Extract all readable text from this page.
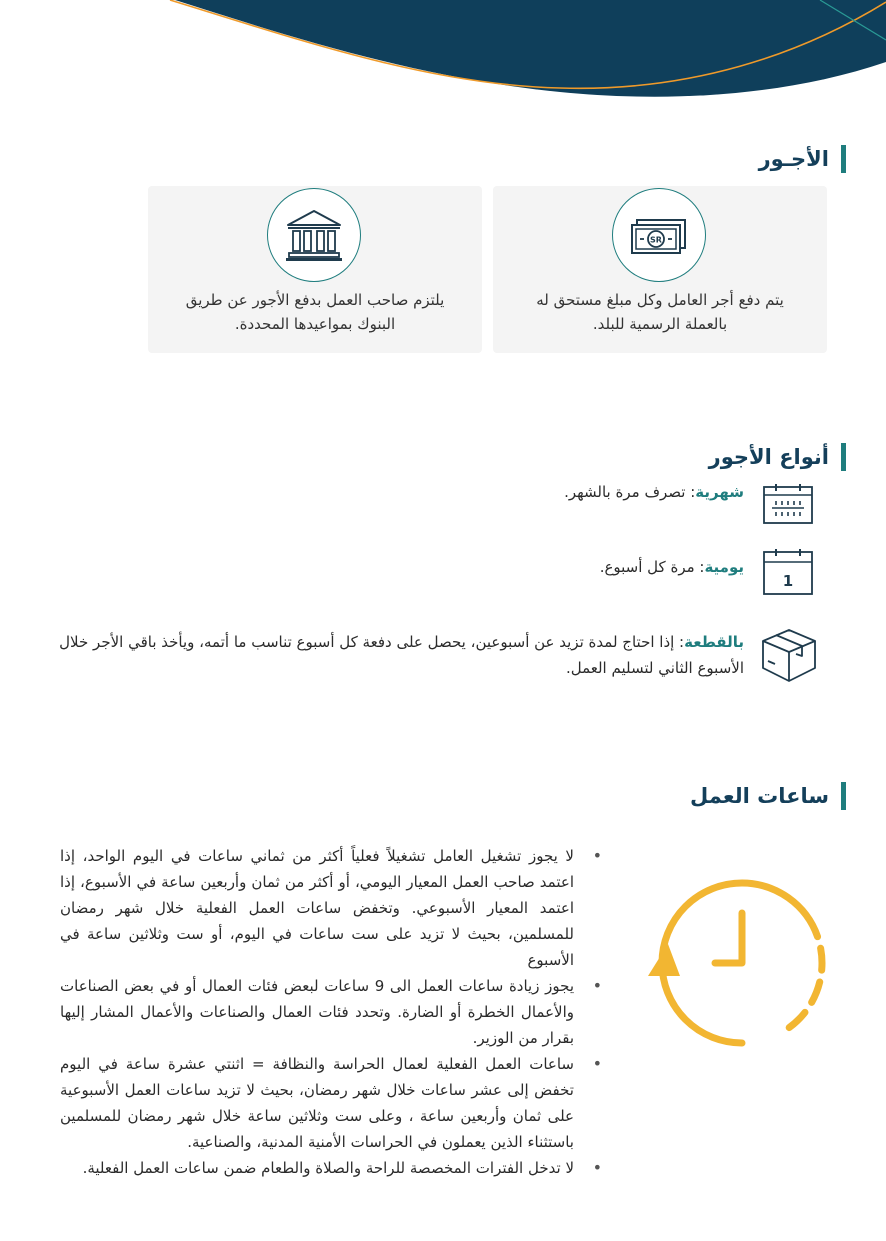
الأجـور
SR
يتم دفع أجر العامل وكل مبلغ مستحق له بالعملة الرسمية للبلد.
يلتزم صاحب العمل بدفع الأجور عن طريق البنوك بمواعيدها المحددة.
أنواع الأجور
شهرية: تصرف مرة بالشهر.
1
يومية: مرة كل أسبوع.
بالقطعة: إذا احتاج لمدة تزيد عن أسبوعين، يحصل على دفعة كل أسبوع تناسب ما أتمه، ويأخذ باقي الأجر خلال الأسبوع الثاني لتسليم العمل.
ساعات العمل
• لا يجوز تشغيل العامل تشغيلاً فعلياً أكثر من ثماني ساعات في اليوم الواحد، إذا اعتمد صاحب العمل المعيار اليومي، أو أكثر من ثمان وأربعين ساعة في الأسبوع، إذا اعتمد المعيار الأسبوعي. وتخفض ساعات العمل الفعلية خلال شهر رمضان للمسلمين، بحيث لا تزيد على ست ساعات في اليوم، أو ست وثلاثين ساعة في الأسبوع
• يجوز زيادة ساعات العمل الى 9 ساعات لبعض فئات العمال أو في بعض الصناعات والأعمال الخطرة أو الضارة. وتحدد فئات العمال والصناعات والأعمال المشار إليها بقرار من الوزير.
• ساعات العمل الفعلية لعمال الحراسة والنظافة = اثنتي عشرة ساعة في اليوم تخفض إلى عشر ساعات خلال شهر رمضان، بحيث لا تزيد ساعات العمل الأسبوعية على ثمان وأربعين ساعة ، وعلى ست وثلاثين ساعة خلال شهر رمضان للمسلمين باستثناء الذين يعملون في الحراسات الأمنية المدنية، والصناعية.
• لا تدخل الفترات المخصصة للراحة والصلاة والطعام ضمن ساعات العمل الفعلية.
